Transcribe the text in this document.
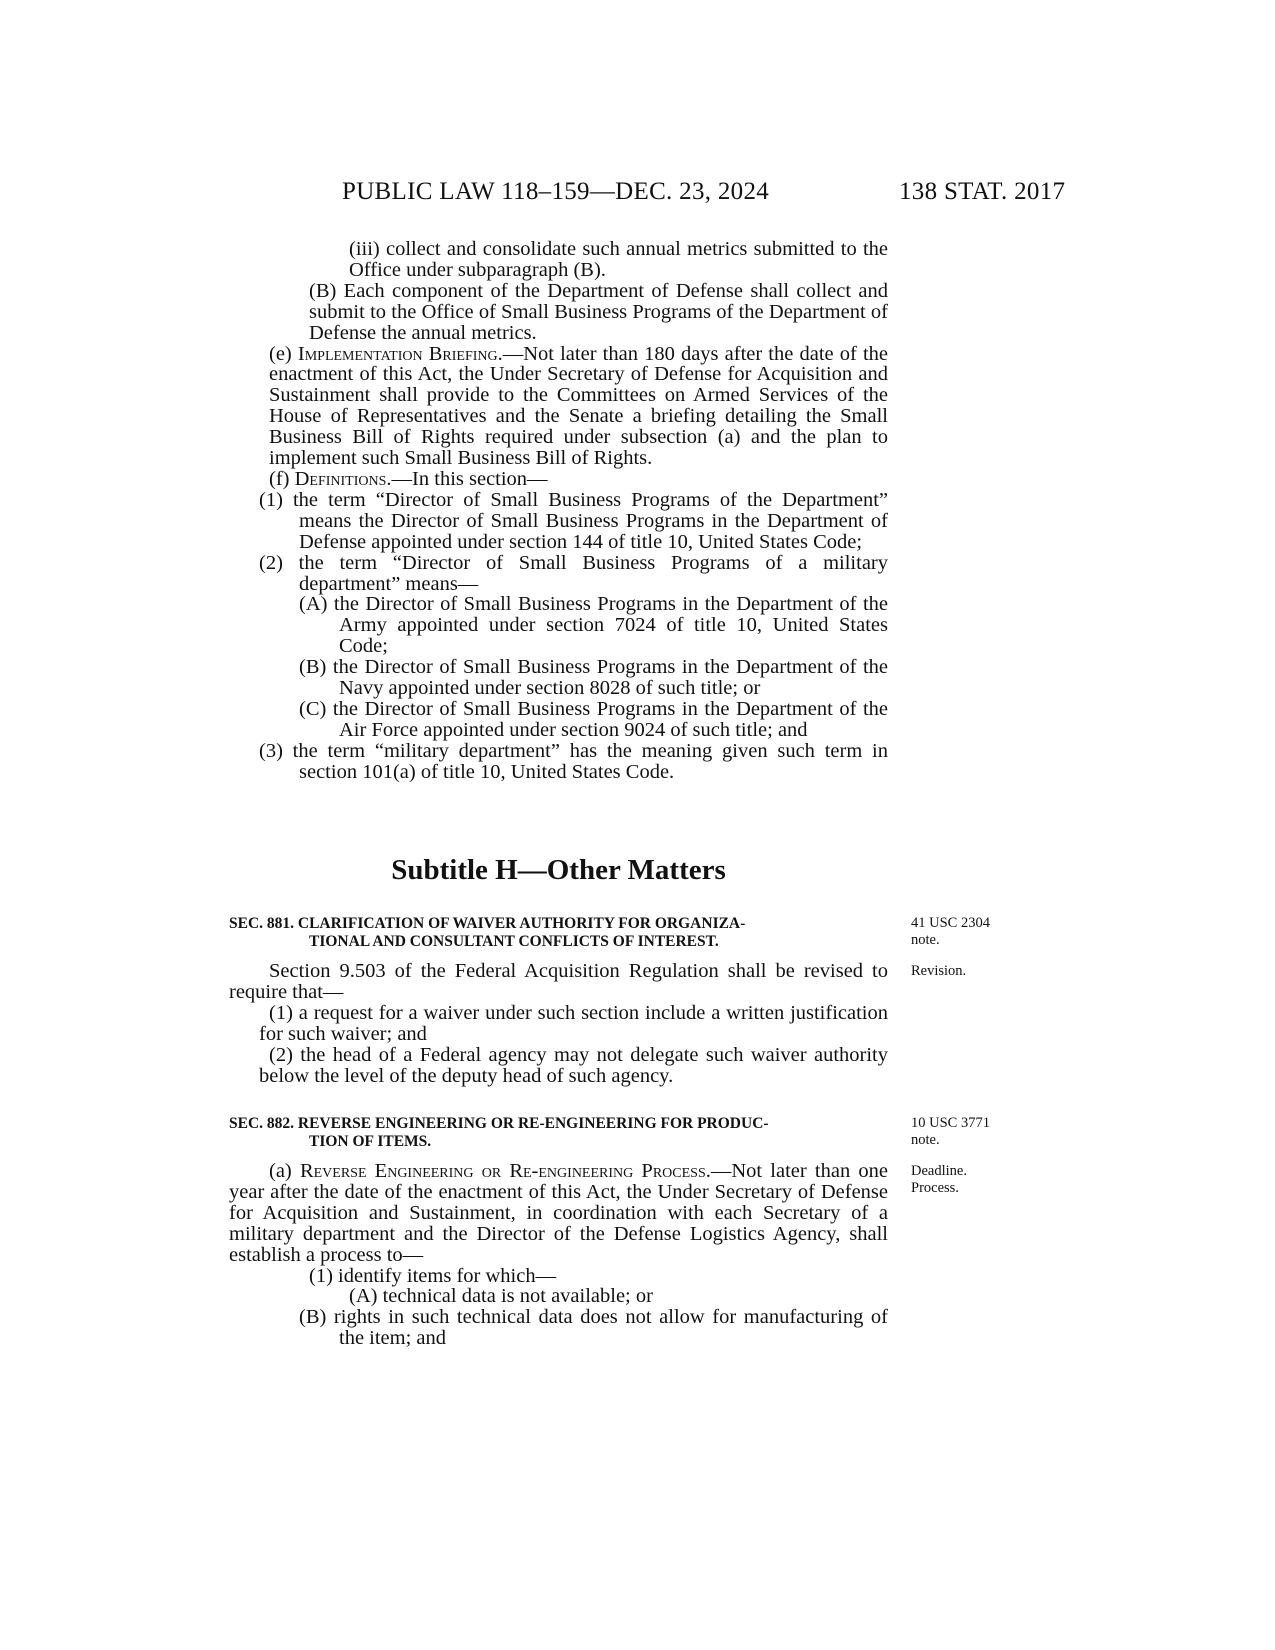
PUBLIC LAW 118–159—DEC. 23, 2024	138 STAT. 2017

(iii) collect and consolidate such annual metrics submitted to the Office under subparagraph (B).

(B) Each component of the Department of Defense shall collect and submit to the Office of Small Business Programs of the Department of Defense the annual metrics.

(e) Implementation Briefing.—Not later than 180 days after the date of the enactment of this Act, the Under Secretary of Defense for Acquisition and Sustainment shall provide to the Committees on Armed Services of the House of Representatives and the Senate a briefing detailing the Small Business Bill of Rights required under subsection (a) and the plan to implement such Small Business Bill of Rights.

(f) Definitions.—In this section—

(1) the term “Director of Small Business Programs of the Department” means the Director of Small Business Programs in the Department of Defense appointed under section 144 of title 10, United States Code;

(2) the term “Director of Small Business Programs of a military department” means—

(A) the Director of Small Business Programs in the Department of the Army appointed under section 7024 of title 10, United States Code;

(B) the Director of Small Business Programs in the Department of the Navy appointed under section 8028 of such title; or

(C) the Director of Small Business Programs in the Department of the Air Force appointed under section 9024 of such title; and

(3) the term “military department” has the meaning given such term in section 101(a) of title 10, United States Code.

Subtitle H—Other Matters
SEC. 881. CLARIFICATION OF WAIVER AUTHORITY FOR ORGANIZA-
TIONAL AND CONSULTANT CONFLICTS OF INTEREST.

Section 9.503 of the Federal Acquisition Regulation shall be revised to require that—

(1) a request for a waiver under such section include a written justification for such waiver; and

(2) the head of a Federal agency may not delegate such waiver authority below the level of the deputy head of such agency.

SEC. 882. REVERSE ENGINEERING OR RE-ENGINEERING FOR PRODUC-
TION OF ITEMS.

(a) Reverse Engineering or Re-engineering Process.—Not later than one year after the date of the enactment of this Act, the Under Secretary of Defense for Acquisition and Sustainment, in coordination with each Secretary of a military department and the Director of the Defense Logistics Agency, shall establish a process to—

(1) identify items for which—

(A) technical data is not available; or

(B) rights in such technical data does not allow for manufacturing of the item; and

41 USC 2304
note.
Revision.
10 USC 3771
note.
Deadline.
Process.
